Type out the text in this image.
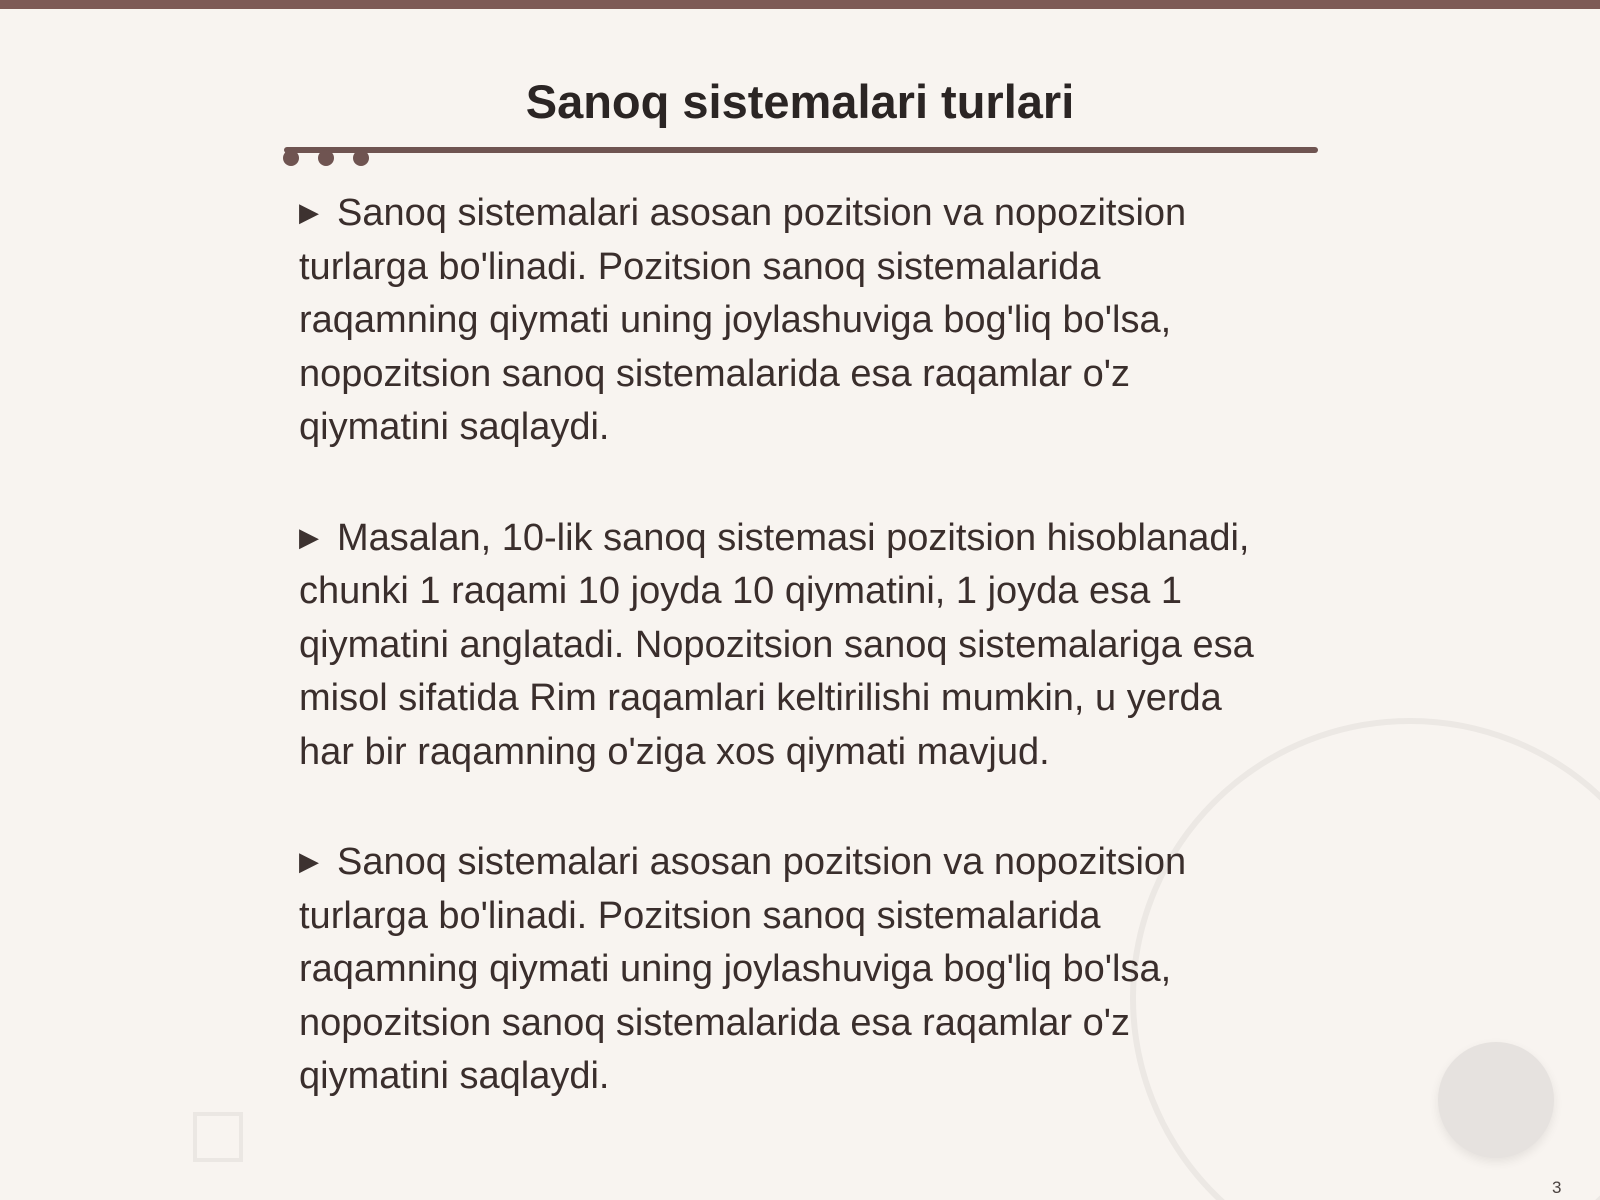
Sanoq sistemalari turlari

▶ Sanoq sistemalari asosan pozitsion va nopozitsion turlarga bo'linadi. Pozitsion sanoq sistemalarida raqamning qiymati uning joylashuviga bog'liq bo'lsa, nopozitsion sanoq sistemalarida esa raqamlar o'z qiymatini saqlaydi.

▶ Masalan, 10-lik sanoq sistemasi pozitsion hisoblanadi, chunki 1 raqami 10 joyda 10 qiymatini, 1 joyda esa 1 qiymatini anglatadi. Nopozitsion sanoq sistemalariga esa misol sifatida Rim raqamlari keltirilishi mumkin, u yerda har bir raqamning o'ziga xos qiymati mavjud.

▶ Sanoq sistemalari asosan pozitsion va nopozitsion turlarga bo'linadi. Pozitsion sanoq sistemalarida raqamning qiymati uning joylashuviga bog'liq bo'lsa, nopozitsion sanoq sistemalarida esa raqamlar o'z qiymatini saqlaydi.

3
